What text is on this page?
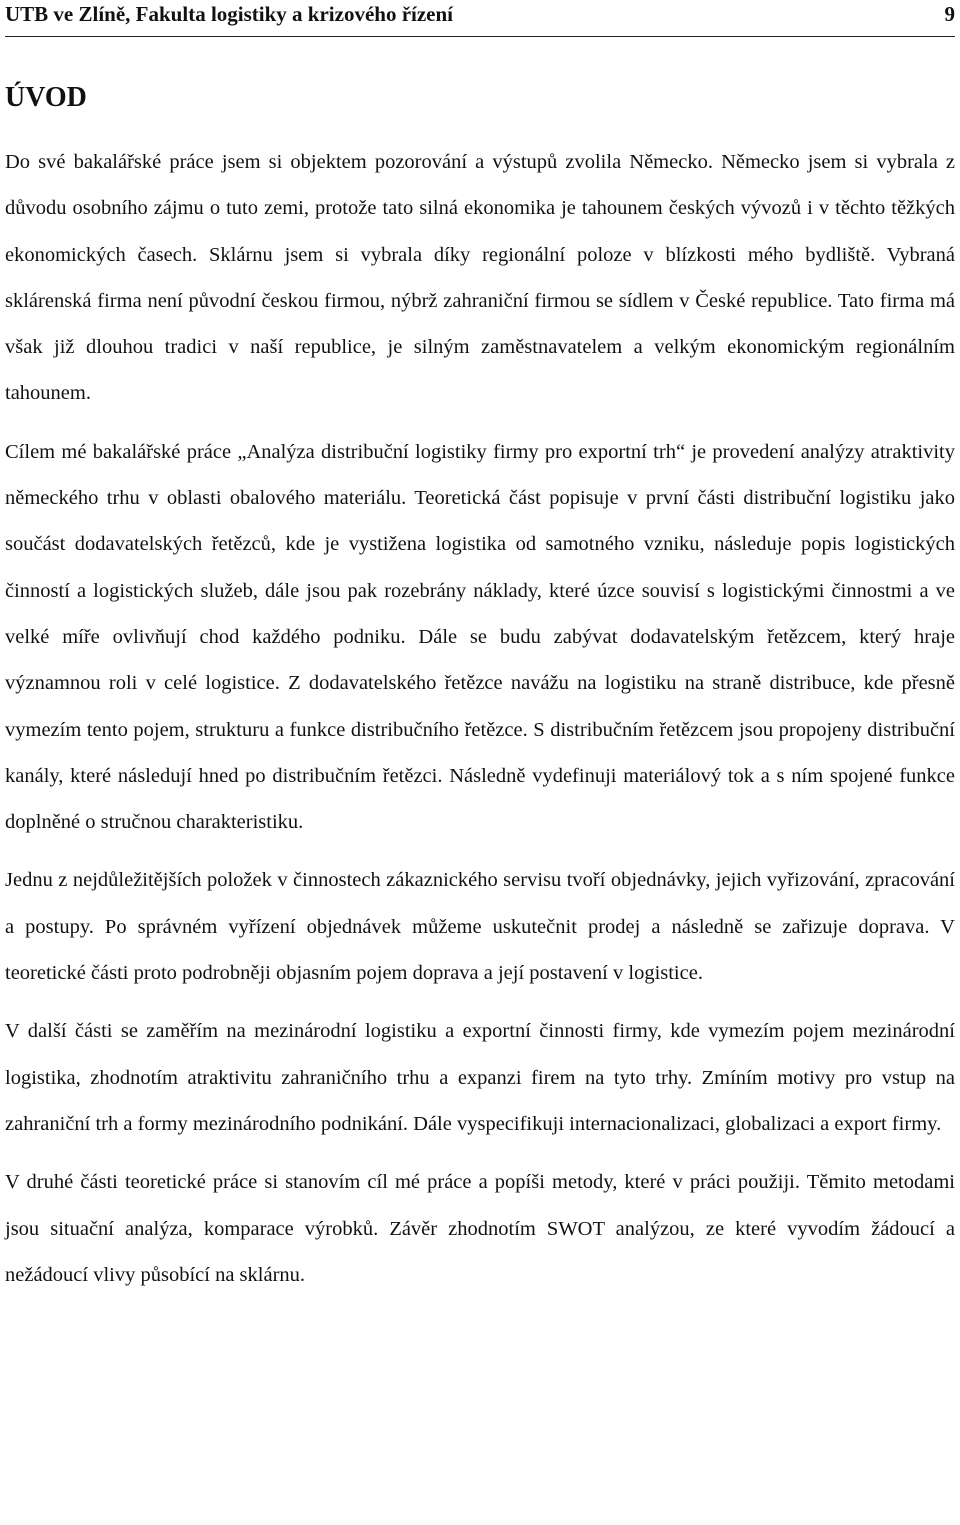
UTB ve Zlíně, Fakulta logistiky a krizového řízení	9
ÚVOD

Do své bakalářské práce jsem si objektem pozorování a výstupů zvolila Německo. Německo jsem si vybrala z důvodu osobního zájmu o tuto zemi, protože tato silná ekonomika je tahounem českých vývozů i v těchto těžkých ekonomických časech. Sklárnu jsem si vybrala díky regionální poloze v blízkosti mého bydliště. Vybraná sklárenská firma není původní českou firmou, nýbrž zahraniční firmou se sídlem v České republice. Tato firma má však již dlouhou tradici v naší republice, je silným zaměstnavatelem a velkým ekonomickým regionálním tahounem.

Cílem mé bakalářské práce „Analýza distribuční logistiky firmy pro exportní trh“ je provedení analýzy atraktivity německého trhu v oblasti obalového materiálu. Teoretická část popisuje v první části distribuční logistiku jako součást dodavatelských řetězců, kde je vystižena logistika od samotného vzniku, následuje popis logistických činností a logistických služeb, dále jsou pak rozebrány náklady, které úzce souvisí s logistickými činnostmi a ve velké míře ovlivňují chod každého podniku. Dále se budu zabývat dodavatelským řetězcem, který hraje významnou roli v celé logistice. Z dodavatelského řetězce navážu na logistiku na straně distribuce, kde přesně vymezím tento pojem, strukturu a funkce distribučního řetězce. S distribučním řetězcem jsou propojeny distribuční kanály, které následují hned po distribučním řetězci. Následně vydefinuji materiálový tok a s ním spojené funkce doplněné o stručnou charakteristiku.

Jednu z nejdůležitějších položek v činnostech zákaznického servisu tvoří objednávky, jejich vyřizování, zpracování a postupy. Po správném vyřízení objednávek můžeme uskutečnit prodej a následně se zařizuje doprava. V teoretické části proto podrobněji objasním pojem doprava a její postavení v logistice.

V další části se zaměřím na mezinárodní logistiku a exportní činnosti firmy, kde vymezím pojem mezinárodní logistika, zhodnotím atraktivitu zahraničního trhu a expanzi firem na tyto trhy. Zmíním motivy pro vstup na zahraniční trh a formy mezinárodního podnikání. Dále vyspecifikuji internacionalizaci, globalizaci a export firmy.

V druhé části teoretické práce si stanovím cíl mé práce a popíši metody, které v práci použiji. Těmito metodami jsou situační analýza, komparace výrobků. Závěr zhodnotím SWOT analýzou, ze které vyvodím žádoucí a nežádoucí vlivy působící na sklárnu.
